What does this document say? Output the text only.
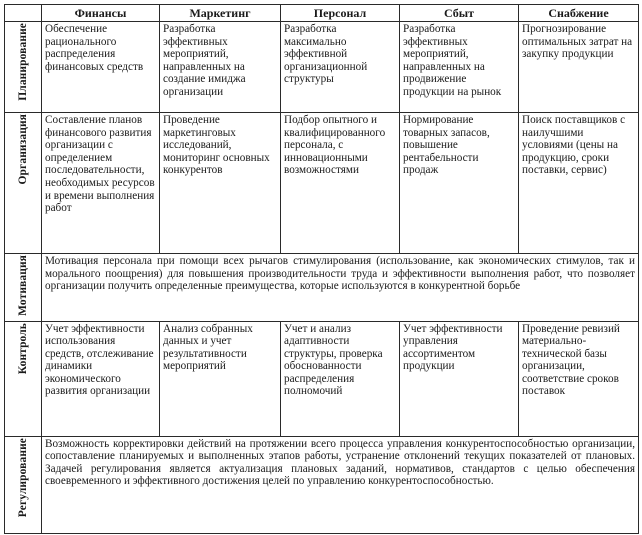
	Финансы	Маркетинг	Персонал	Сбыт	Снабжение
Планирование	Обеспечение рационального распределения финансовых средств	Разработка эффективных мероприятий, направленных на создание имиджа организации	Разработка максимально эффективной организационной структуры	Разработка эффективных мероприятий, направленных на продвижение продукции на рынок	Прогнозирование оптимальных затрат на закупку продукции
Организация	Составление планов финансового развития организации с определением последовательности, необходимых ресурсов и времени выполнения работ	Проведение маркетинговых исследований, мониторинг основных конкурентов	Подбор опытного и квалифицированного персонала, с инновационными возможностями	Нормирование товарных запасов, повышение рентабельности продаж	Поиск поставщиков с наилучшими условиями (цены на продукцию, сроки поставки, сервис)
Мотивация	Мотивация персонала при помощи всех рычагов стимулирования (использование, как экономических стимулов, так и морального поощрения) для повышения производительности труда и эффективности выполнения работ, что позволяет организации получить определенные преимущества, которые используются в конкурентной борьбе				
Контроль	Учет эффективности использования средств, отслеживание динамики экономического развития организации	Анализ собранных данных и учет результативности мероприятий	Учет и анализ адаптивности структуры, проверка обоснованности распределения полномочий	Учет эффективности управления ассортиментом продукции	Проведение ревизий материально-технической базы организации, соответствие сроков поставок
Регулирование	Возможность корректировки действий на протяжении всего процесса управления конкурентоспособностью организации, сопоставление планируемых и выполненных этапов работы, устранение отклонений текущих показателей от плановых. Задачей регулирования является актуализация плановых заданий, нормативов, стандартов с целью обеспечения своевременного и эффективного достижения целей по управлению конкурентоспособностью.				
